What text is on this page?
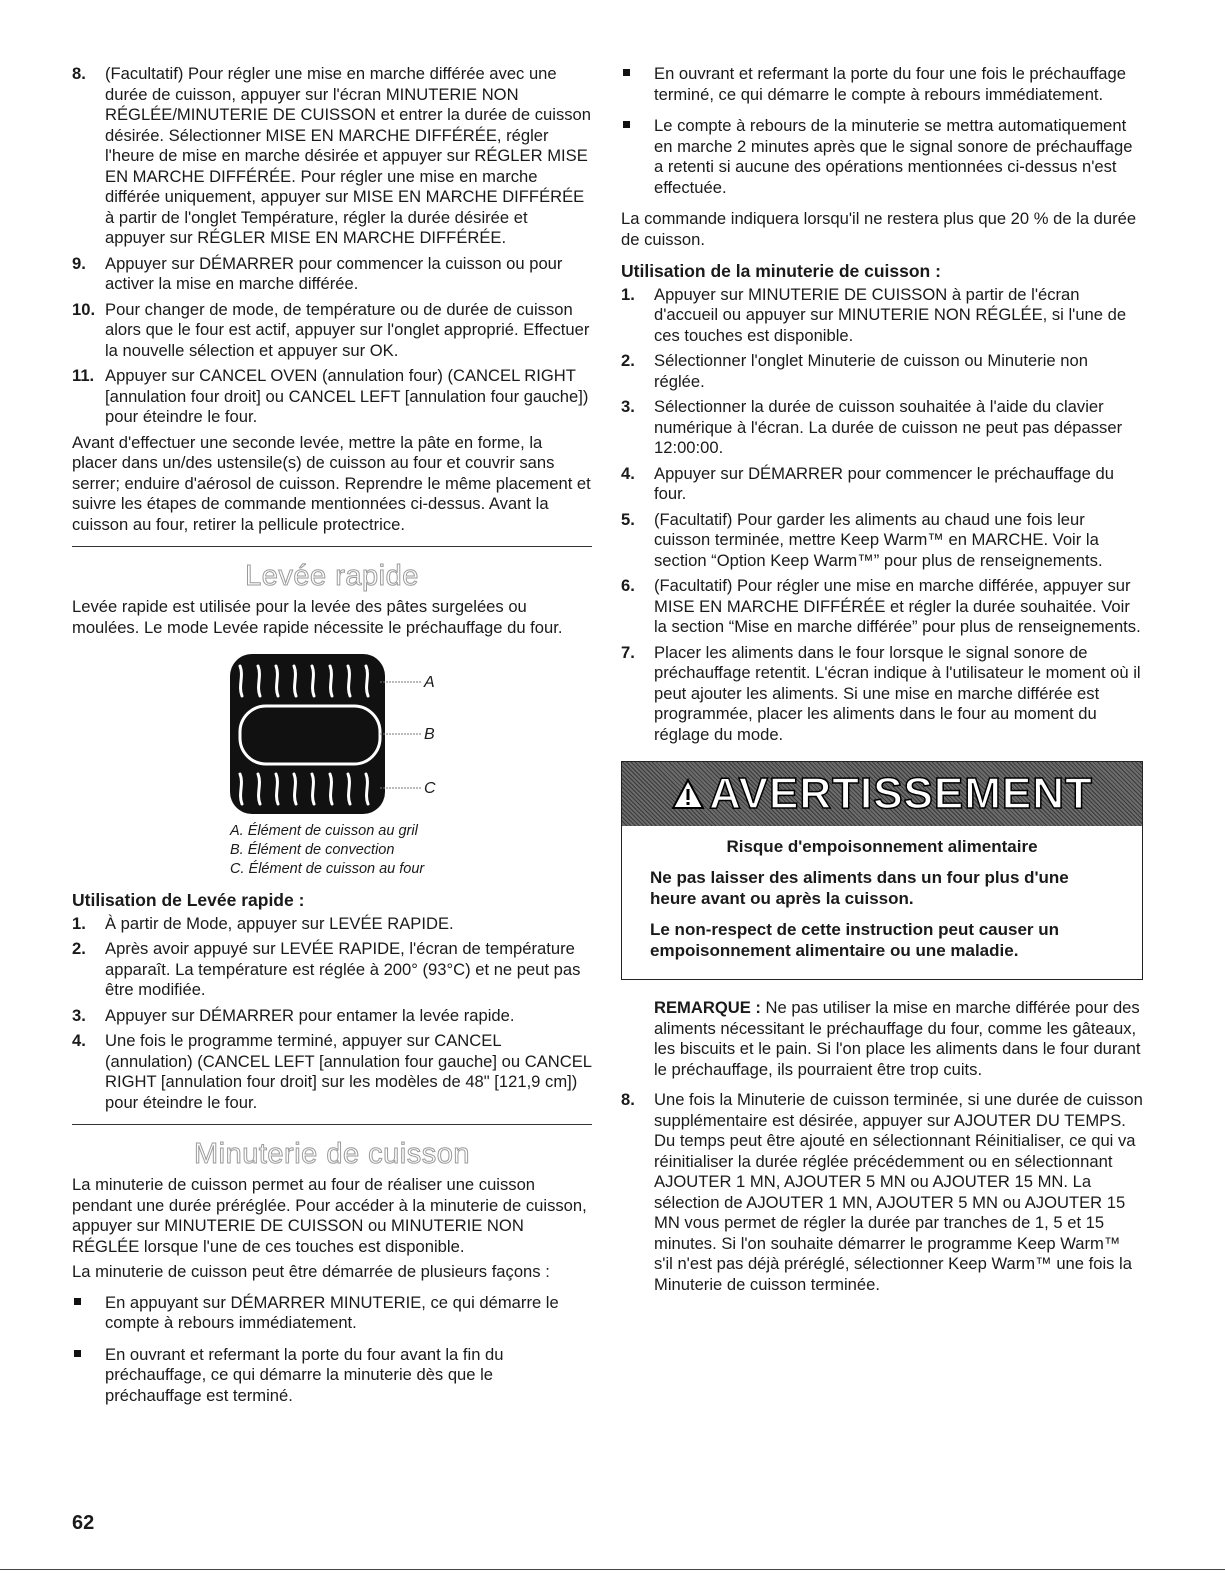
8. (Facultatif) Pour régler une mise en marche différée avec une durée de cuisson, appuyer sur l'écran MINUTERIE NON RÉGLÉE/MINUTERIE DE CUISSON et entrer la durée de cuisson désirée. Sélectionner MISE EN MARCHE DIFFÉRÉE, régler l'heure de mise en marche désirée et appuyer sur RÉGLER MISE EN MARCHE DIFFÉRÉE. Pour régler une mise en marche différée uniquement, appuyer sur MISE EN MARCHE DIFFÉRÉE à partir de l'onglet Température, régler la durée désirée et appuyer sur RÉGLER MISE EN MARCHE DIFFÉRÉE.
9. Appuyer sur DÉMARRER pour commencer la cuisson ou pour activer la mise en marche différée.
10. Pour changer de mode, de température ou de durée de cuisson alors que le four est actif, appuyer sur l'onglet approprié. Effectuer la nouvelle sélection et appuyer sur OK.
11. Appuyer sur CANCEL OVEN (annulation four) (CANCEL RIGHT [annulation four droit] ou CANCEL LEFT [annulation four gauche]) pour éteindre le four.

Avant d'effectuer une seconde levée, mettre la pâte en forme, la placer dans un/des ustensile(s) de cuisson au four et couvrir sans serrer; enduire d'aérosol de cuisson. Reprendre le même placement et suivre les étapes de commande mentionnées ci-dessus. Avant la cuisson au four, retirer la pellicule protectrice.

Levée rapide

Levée rapide est utilisée pour la levée des pâtes surgelées ou moulées. Le mode Levée rapide nécessite le préchauffage du four.

A
B
C
A. Élément de cuisson au gril
B. Élément de convection
C. Élément de cuisson au four
Utilisation de Levée rapide :
1. À partir de Mode, appuyer sur LEVÉE RAPIDE.
2. Après avoir appuyé sur LEVÉE RAPIDE, l'écran de température apparaît. La température est réglée à 200° (93°C) et ne peut pas être modifiée.
3. Appuyer sur DÉMARRER pour entamer la levée rapide.
4. Une fois le programme terminé, appuyer sur CANCEL (annulation) (CANCEL LEFT [annulation four gauche] ou CANCEL RIGHT [annulation four droit] sur les modèles de 48" [121,9 cm]) pour éteindre le four.
Minuterie de cuisson

La minuterie de cuisson permet au four de réaliser une cuisson pendant une durée préréglée. Pour accéder à la minuterie de cuisson, appuyer sur MINUTERIE DE CUISSON ou MINUTERIE NON RÉGLÉE lorsque l'une de ces touches est disponible.

La minuterie de cuisson peut être démarrée de plusieurs façons :

En appuyant sur DÉMARRER MINUTERIE, ce qui démarre le compte à rebours immédiatement.
En ouvrant et refermant la porte du four avant la fin du préchauffage, ce qui démarre la minuterie dès que le préchauffage est terminé.
En ouvrant et refermant la porte du four une fois le préchauffage terminé, ce qui démarre le compte à rebours immédiatement.
Le compte à rebours de la minuterie se mettra automatiquement en marche 2 minutes après que le signal sonore de préchauffage a retenti si aucune des opérations mentionnées ci-dessus n'est effectuée.

La commande indiquera lorsqu'il ne restera plus que 20 % de la durée de cuisson.

Utilisation de la minuterie de cuisson :
1. Appuyer sur MINUTERIE DE CUISSON à partir de l'écran d'accueil ou appuyer sur MINUTERIE NON RÉGLÉE, si l'une de ces touches est disponible.
2. Sélectionner l'onglet Minuterie de cuisson ou Minuterie non réglée.
3. Sélectionner la durée de cuisson souhaitée à l'aide du clavier numérique à l'écran. La durée de cuisson ne peut pas dépasser 12:00:00.
4. Appuyer sur DÉMARRER pour commencer le préchauffage du four.
5. (Facultatif) Pour garder les aliments au chaud une fois leur cuisson terminée, mettre Keep Warm™ en MARCHE. Voir la section “Option Keep Warm™” pour plus de renseignements.
6. (Facultatif) Pour régler une mise en marche différée, appuyer sur MISE EN MARCHE DIFFÉRÉE et régler la durée souhaitée. Voir la section “Mise en marche différée” pour plus de renseignements.
7. Placer les aliments dans le four lorsque le signal sonore de préchauffage retentit. L'écran indique à l'utilisateur le moment où il peut ajouter les aliments. Si une mise en marche différée est programmée, placer les aliments dans le four au moment du réglage du mode.
AVERTISSEMENT
Risque d'empoisonnement alimentaire

Ne pas laisser des aliments dans un four plus d'une heure avant ou après la cuisson.

Le non-respect de cette instruction peut causer un empoisonnement alimentaire ou une maladie.

REMARQUE : Ne pas utiliser la mise en marche différée pour des aliments nécessitant le préchauffage du four, comme les gâteaux, les biscuits et le pain. Si l'on place les aliments dans le four durant le préchauffage, ils pourraient être trop cuits.

8. Une fois la Minuterie de cuisson terminée, si une durée de cuisson supplémentaire est désirée, appuyer sur AJOUTER DU TEMPS. Du temps peut être ajouté en sélectionnant Réinitialiser, ce qui va réinitialiser la durée réglée précédemment ou en sélectionnant AJOUTER 1 MN, AJOUTER 5 MN ou AJOUTER 15 MN. La sélection de AJOUTER 1 MN, AJOUTER 5 MN ou AJOUTER 15 MN vous permet de régler la durée par tranches de 1, 5 et 15 minutes. Si l'on souhaite démarrer le programme Keep Warm™ s'il n'est pas déjà préréglé, sélectionner Keep Warm™ une fois la Minuterie de cuisson terminée.
62
